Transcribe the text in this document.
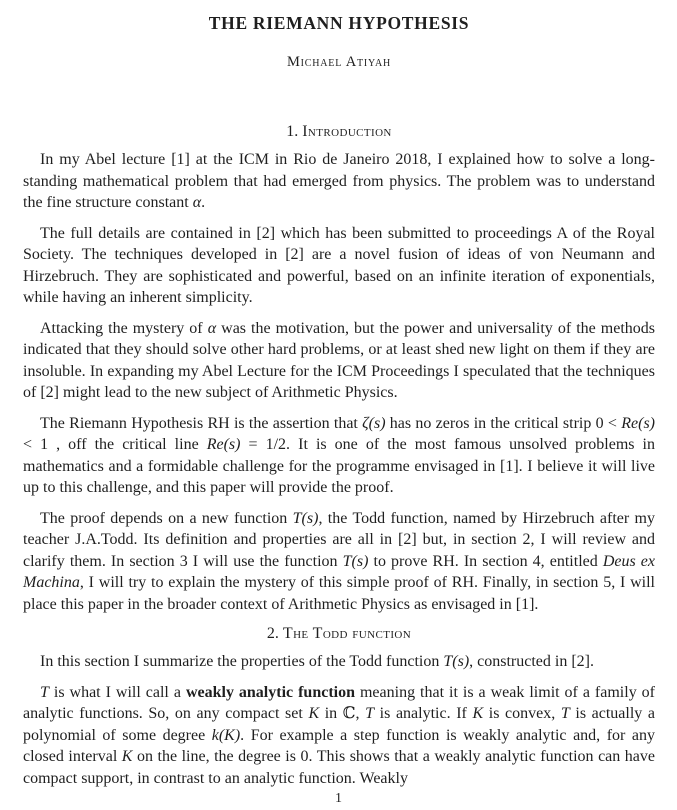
THE RIEMANN HYPOTHESIS
Michael Atiyah
1. Introduction

In my Abel lecture [1] at the ICM in Rio de Janeiro 2018, I explained how to solve a long-standing mathematical problem that had emerged from physics. The problem was to understand the fine structure constant α.

The full details are contained in [2] which has been submitted to proceedings A of the Royal Society. The techniques developed in [2] are a novel fusion of ideas of von Neumann and Hirzebruch. They are sophisticated and powerful, based on an infinite iteration of exponentials, while having an inherent simplicity.

Attacking the mystery of α was the motivation, but the power and universality of the methods indicated that they should solve other hard problems, or at least shed new light on them if they are insoluble. In expanding my Abel Lecture for the ICM Proceedings I speculated that the techniques of [2] might lead to the new subject of Arithmetic Physics.

The Riemann Hypothesis RH is the assertion that ζ(s) has no zeros in the critical strip 0 < Re(s) < 1 , off the critical line Re(s) = 1/2. It is one of the most famous unsolved problems in mathematics and a formidable challenge for the programme envisaged in [1]. I believe it will live up to this challenge, and this paper will provide the proof.

The proof depends on a new function T(s), the Todd function, named by Hirzebruch after my teacher J.A.Todd. Its definition and properties are all in [2] but, in section 2, I will review and clarify them. In section 3 I will use the function T(s) to prove RH. In section 4, entitled Deus ex Machina, I will try to explain the mystery of this simple proof of RH. Finally, in section 5, I will place this paper in the broader context of Arithmetic Physics as envisaged in [1].

2. The Todd function

In this section I summarize the properties of the Todd function T(s), constructed in [2].

T is what I will call a weakly analytic function meaning that it is a weak limit of a family of analytic functions. So, on any compact set K in ℂ, T is analytic. If K is convex, T is actually a polynomial of some degree k(K). For example a step function is weakly analytic and, for any closed interval K on the line, the degree is 0. This shows that a weakly analytic function can have compact support, in contrast to an analytic function. Weakly

1
